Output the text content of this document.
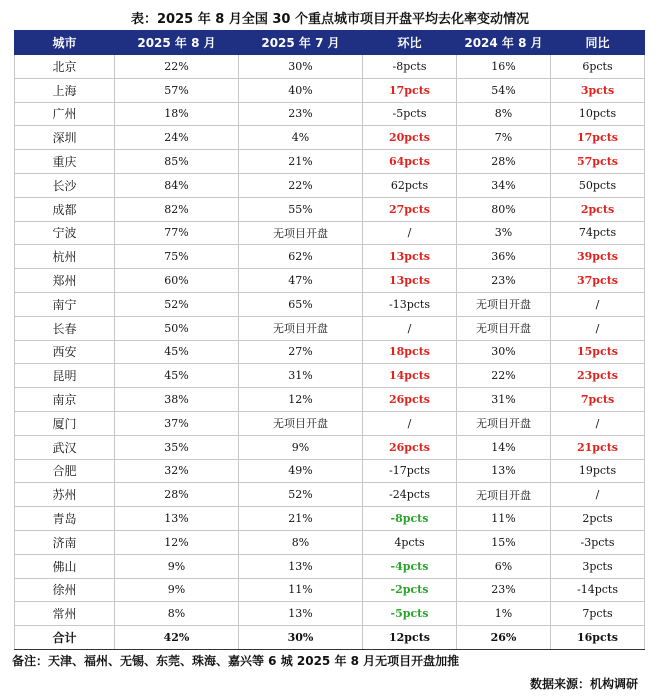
表：2025 年 8 月全国 30 个重点城市项目开盘平均去化率变动情况
城市	2025 年 8 月	2025 年 7 月	环比	2024 年 8 月	同比
北京	22%	30%	-8pcts	16%	6pcts
上海	57%	40%	17pcts	54%	3pcts
广州	18%	23%	-5pcts	8%	10pcts
深圳	24%	4%	20pcts	7%	17pcts
重庆	85%	21%	64pcts	28%	57pcts
长沙	84%	22%	62pcts	34%	50pcts
成都	82%	55%	27pcts	80%	2pcts
宁波	77%	无项目开盘	/	3%	74pcts
杭州	75%	62%	13pcts	36%	39pcts
郑州	60%	47%	13pcts	23%	37pcts
南宁	52%	65%	-13pcts	无项目开盘	/
长春	50%	无项目开盘	/	无项目开盘	/
西安	45%	27%	18pcts	30%	15pcts
昆明	45%	31%	14pcts	22%	23pcts
南京	38%	12%	26pcts	31%	7pcts
厦门	37%	无项目开盘	/	无项目开盘	/
武汉	35%	9%	26pcts	14%	21pcts
合肥	32%	49%	-17pcts	13%	19pcts
苏州	28%	52%	-24pcts	无项目开盘	/
青岛	13%	21%	-8pcts	11%	2pcts
济南	12%	8%	4pcts	15%	-3pcts
佛山	9%	13%	-4pcts	6%	3pcts
徐州	9%	11%	-2pcts	23%	-14pcts
常州	8%	13%	-5pcts	1%	7pcts
合计	42%	30%	12pcts	26%	16pcts
备注：天津、福州、无锡、东莞、珠海、嘉兴等 6 城 2025 年 8 月无项目开盘加推
数据来源：机构调研
